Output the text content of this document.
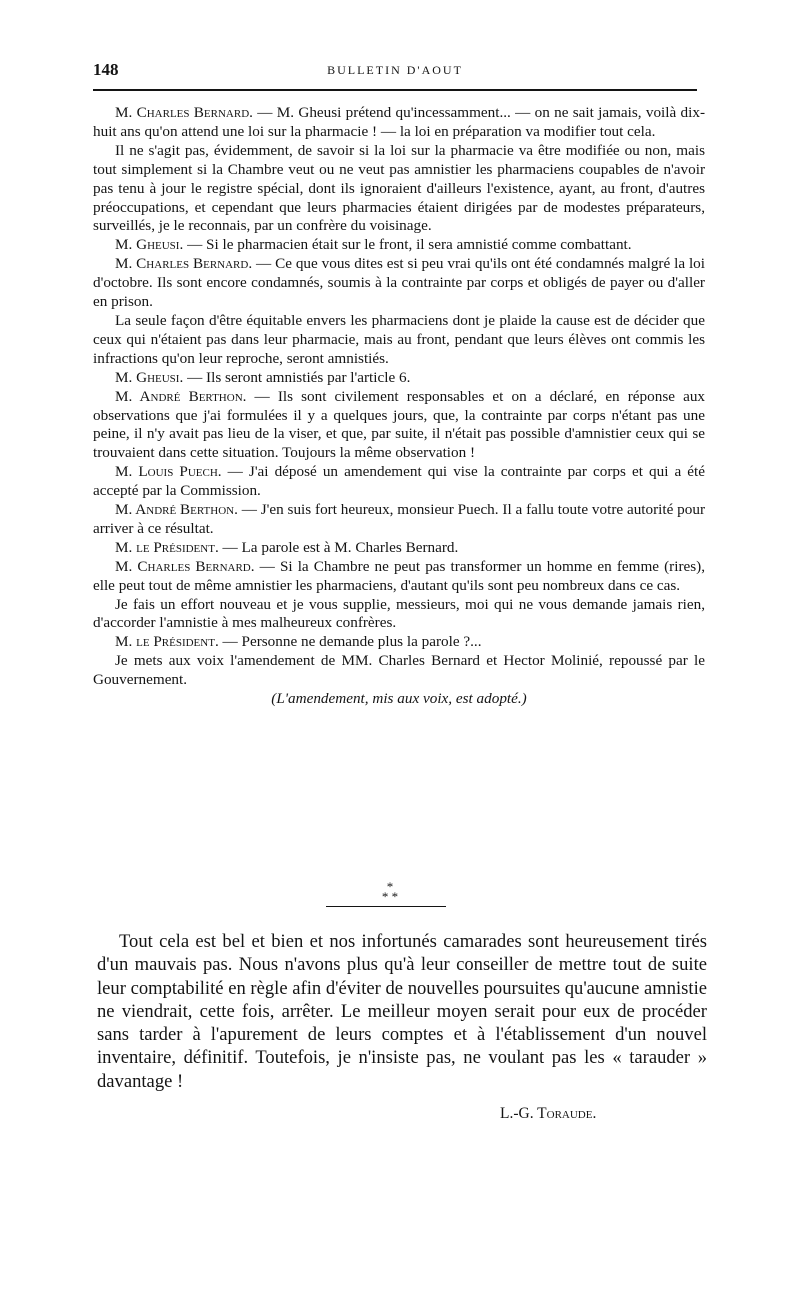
148	BULLETIN D'AOUT

M. Charles Bernard. — M. Gheusi prétend qu'incessamment... — on ne sait jamais, voilà dix-huit ans qu'on attend une loi sur la pharmacie ! — la loi en préparation va modifier tout cela.

Il ne s'agit pas, évidemment, de savoir si la loi sur la pharmacie va être modifiée ou non, mais tout simplement si la Chambre veut ou ne veut pas amnistier les pharmaciens coupables de n'avoir pas tenu à jour le registre spécial, dont ils ignoraient d'ailleurs l'existence, ayant, au front, d'autres préoccupations, et cependant que leurs pharmacies étaient dirigées par de modestes préparateurs, surveillés, je le reconnais, par un confrère du voisinage.

M. Gheusi. — Si le pharmacien était sur le front, il sera amnistié comme combattant.

M. Charles Bernard. — Ce que vous dites est si peu vrai qu'ils ont été condamnés malgré la loi d'octobre. Ils sont encore condamnés, soumis à la contrainte par corps et obligés de payer ou d'aller en prison.

La seule façon d'être équitable envers les pharmaciens dont je plaide la cause est de décider que ceux qui n'étaient pas dans leur pharmacie, mais au front, pendant que leurs élèves ont commis les infractions qu'on leur reproche, seront amnistiés.

M. Gheusi. — Ils seront amnistiés par l'article 6.

M. André Berthon. — Ils sont civilement responsables et on a déclaré, en réponse aux observations que j'ai formulées il y a quelques jours, que, la contrainte par corps n'étant pas une peine, il n'y avait pas lieu de la viser, et que, par suite, il n'était pas possible d'amnistier ceux qui se trouvaient dans cette situation. Toujours la même observation !

M. Louis Puech. — J'ai déposé un amendement qui vise la contrainte par corps et qui a été accepté par la Commission.

M. André Berthon. — J'en suis fort heureux, monsieur Puech. Il a fallu toute votre autorité pour arriver à ce résultat.

M. le Président. — La parole est à M. Charles Bernard.

M. Charles Bernard. — Si la Chambre ne peut pas transformer un homme en femme (rires), elle peut tout de même amnistier les pharmaciens, d'autant qu'ils sont peu nombreux dans ce cas.

Je fais un effort nouveau et je vous supplie, messieurs, moi qui ne vous demande jamais rien, d'accorder l'amnistie à mes malheureux confrères.

M. le Président. — Personne ne demande plus la parole ?...

Je mets aux voix l'amendement de MM. Charles Bernard et Hector Molinié, repoussé par le Gouvernement.

(L'amendement, mis aux voix, est adopté.)

*
* *

Tout cela est bel et bien et nos infortunés camarades sont heureusement tirés d'un mauvais pas. Nous n'avons plus qu'à leur conseiller de mettre tout de suite leur comptabilité en règle afin d'éviter de nouvelles poursuites qu'aucune amnistie ne viendrait, cette fois, arrêter. Le meilleur moyen serait pour eux de procéder sans tarder à l'apurement de leurs comptes et à l'établissement d'un nouvel inventaire, définitif. Toutefois, je n'insiste pas, ne voulant pas les « tarauder » davantage !

L.-G. Toraude.
